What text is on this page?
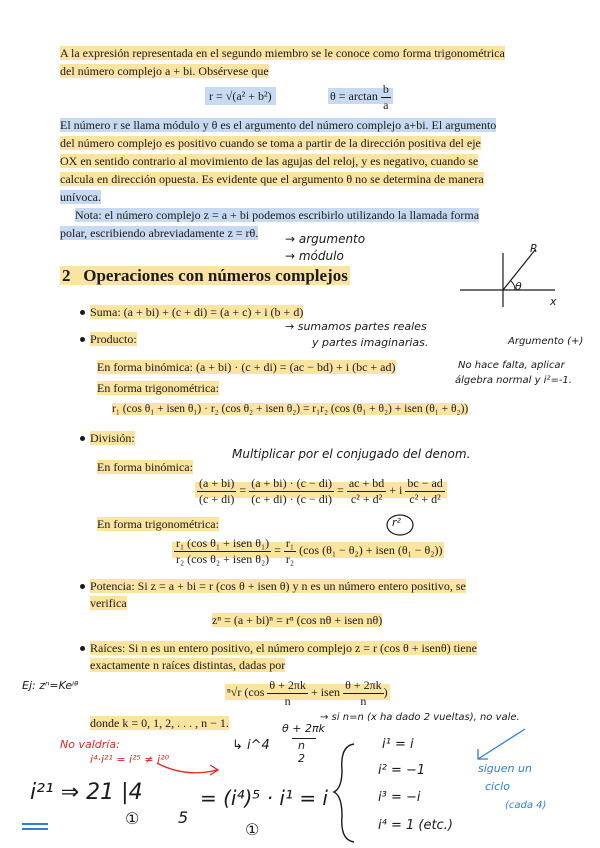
A la expresión representada en el segundo miembro se le conoce como forma trigonométrica
del número complejo a + bi. Obsérvese que
r = √(a² + b²)	$\theta = \arctan \frac{b}{a}$
El número r se llama módulo y θ es el argumento del número complejo a+bi. El argumento
del número complejo es positivo cuando se toma a partir de la dirección positiva del eje
OX en sentido contrario al movimiento de las agujas del reloj, y es negativo, cuando se
calcula en dirección opuesta. Es evidente que el argumento θ no se determina de manera
unívoca.
Nota: el número complejo z = a + bi podemos escribirlo utilizando la llamada forma
polar, escribiendo abreviadamente z = rθ. → argumento
→ módulo
2 Operaciones con números complejos
R
θ
x
Suma: (a + bi) + (c + di) = (a + c) + i (b + d)
→ sumamos partes reales
y partes imaginarias.	Argumento (+)
Producto:
En forma binómica: (a + bi) · (c + di) = (ac − bd) + i (bc + ad)	No hace falta, aplicar
álgebra normal y i²=-1.
En forma trigonométrica:
r₁ (cos θ₁ + isen θ₁) · r₂ (cos θ₂ + isen θ₂) = r₁r₂ (cos (θ₁ + θ₂) + isen (θ₁ + θ₂))
División:
Multiplicar por el conjugado del denom.
En forma binómica:
$\frac{(a + bi)}{(c + di)} = \frac{(a + bi) \cdot (c - di)}{(c + di) \cdot (c - di)} = \frac{ac + bd}{\text{c² + d²}} + i \frac{bc - ad}{\text{c² + d²}}$
r²
En forma trigonométrica:
$\frac{\text{r₁ (cos θ₁ + isen θ₁)}}{\text{r₂ (cos θ₂ + isen θ₂)}} = \frac{\text{r₁}}{\text{r₂}} (\cos$ (θ₁ − θ₂) + isen (θ₁ − θ₂))
Potencia: Si z = a + bi = r (cos θ + isen θ) y n es un número entero positivo, se
verifica
zⁿ = (a + bi)ⁿ = rⁿ (cos nθ + isen nθ)
Raíces: Si n es un entero positivo, el número complejo z = r (cos θ + isenθ) tiene
exactamente n raíces distintas, dadas por
ⁿ√r ($\cos \frac{\theta + 2\pi k}{n}$ + isen $\frac{\theta + 2\pi k}{n}$ )
Ej: zⁿ=Keⁱᶿ
donde k = 0, 1, 2, . . . , n − 1.
No valdría:
i⁴·i²¹ = i²⁵ ≠ i²⁰
↳ i^4
θ + 2πk
n
2
→ si n=n (x ha dado 2 vueltas), no vale.
i¹ = i
i² = −1
i³ = −i
i⁴ = 1 (etc.)
siguen un
ciclo
(cada 4)
i²¹ ⇒ 21 |4
5
①
= (i⁴)⁵ · i¹ = i
①
